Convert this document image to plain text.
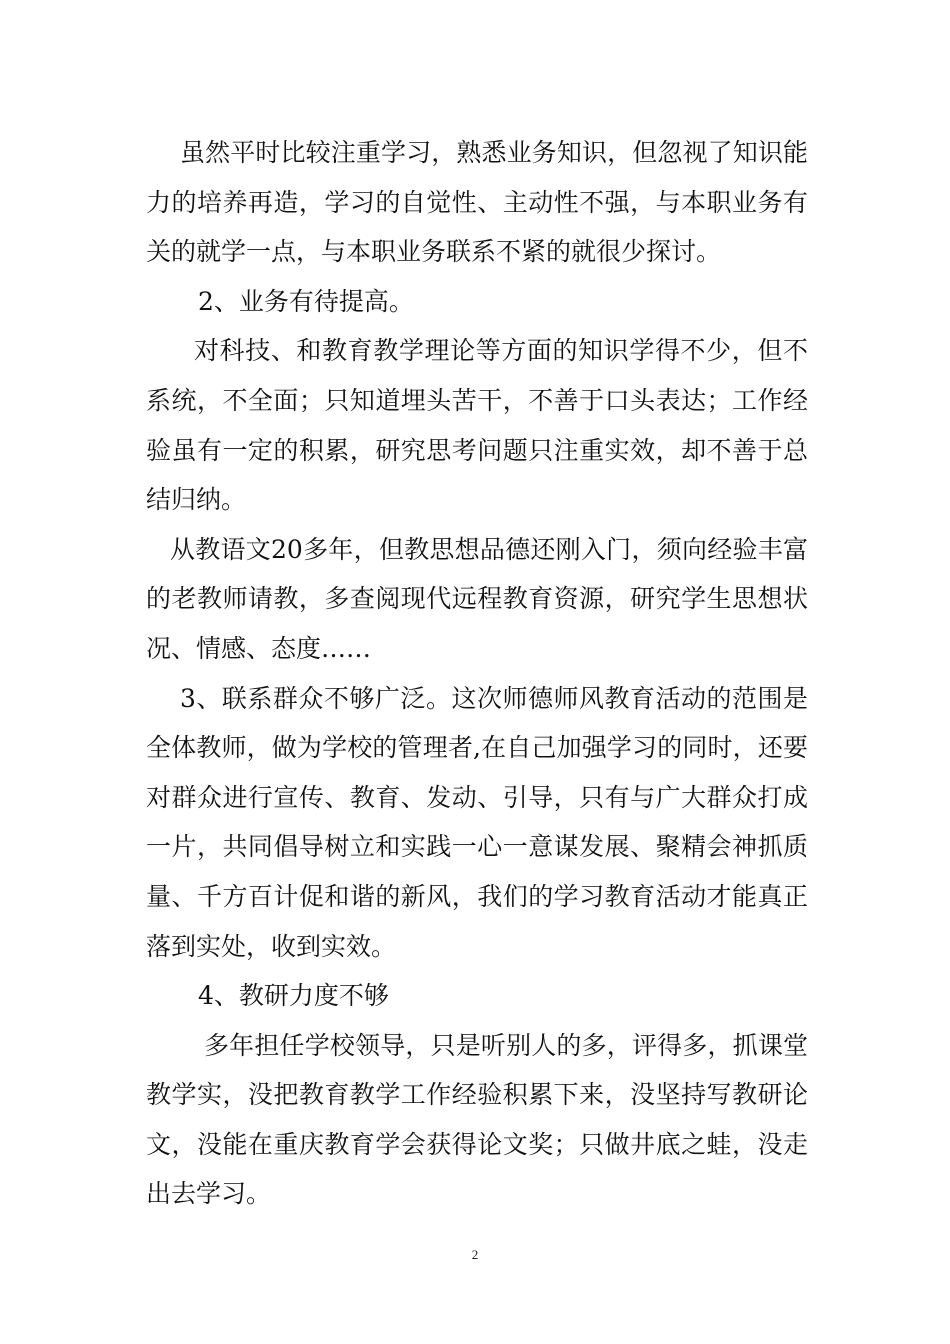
虽然平时比较注重学习，熟悉业务知识，但忽视了知识能力的培养再造，学习的自觉性、主动性不强，与本职业务有关的就学一点，与本职业务联系不紧的就很少探讨。

2、业务有待提高。

对科技、和教育教学理论等方面的知识学得不少，但不系统，不全面；只知道埋头苦干，不善于口头表达；工作经验虽有一定的积累，研究思考问题只注重实效，却不善于总结归纳。

从教语文20多年，但教思想品德还刚入门，须向经验丰富的老教师请教，多查阅现代远程教育资源，研究学生思想状况、情感、态度……

3、联系群众不够广泛。这次师德师风教育活动的范围是全体教师，做为学校的管理者,在自己加强学习的同时，还要对群众进行宣传、教育、发动、引导，只有与广大群众打成一片，共同倡导树立和实践一心一意谋发展、聚精会神抓质量、千方百计促和谐的新风，我们的学习教育活动才能真正落到实处，收到实效。

4、教研力度不够

多年担任学校领导，只是听别人的多，评得多，抓课堂教学实，没把教育教学工作经验积累下来，没坚持写教研论文，没能在重庆教育学会获得论文奖；只做井底之蛙，没走出去学习。

2
